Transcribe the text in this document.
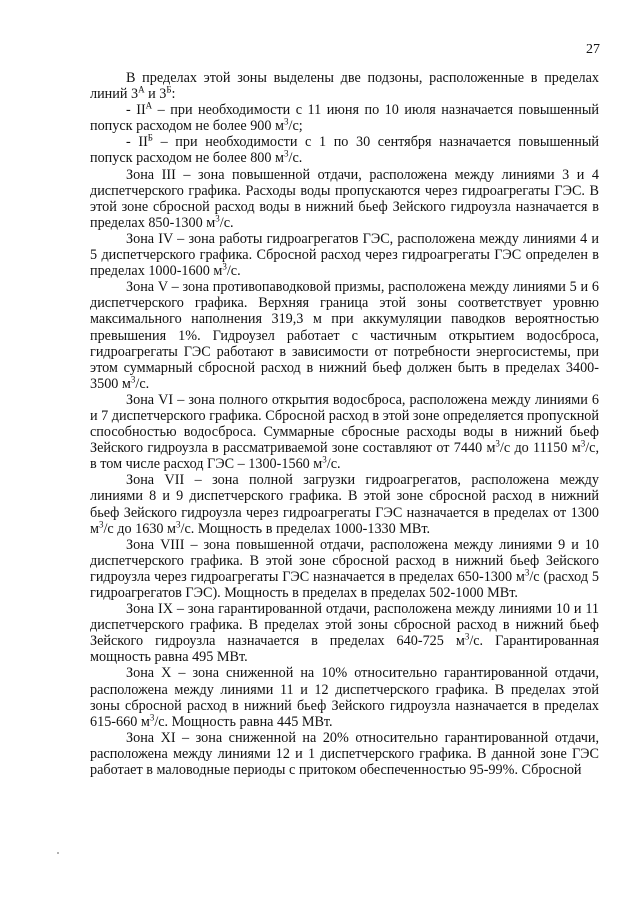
27

В пределах этой зоны выделены две подзоны, расположенные в пределах линий $3^А$ и $3^Б$:

- $II^А$ – при необходимости с 11 июня по 10 июля назначается повышенный попуск расходом не более 900 $м^3/с$;

- $II^Б$ – при необходимости с 1 по 30 сентября назначается повышенный попуск расходом не более 800 $м^3/с$.

Зона III – зона повышенной отдачи, расположена между линиями 3 и 4 диспетчерского графика. Расходы воды пропускаются через гидроагрегаты ГЭС. В этой зоне сбросной расход воды в нижний бьеф Зейского гидроузла назначается в пределах 850-1300 $м^3/с$.

Зона IV – зона работы гидроагрегатов ГЭС, расположена между линиями 4 и 5 диспетчерского графика. Сбросной расход через гидроагрегаты ГЭС определен в пределах 1000-1600 $м^3/с$.

Зона V – зона противопаводковой призмы, расположена между линиями 5 и 6 диспетчерского графика. Верхняя граница этой зоны соответствует уровню максимального наполнения 319,3 м при аккумуляции паводков вероятностью превышения 1%. Гидроузел работает с частичным открытием водосброса, гидроагрегаты ГЭС работают в зависимости от потребности энергосистемы, при этом суммарный сбросной расход в нижний бьеф должен быть в пределах 3400-3500 $м^3/с$.

Зона VI – зона полного открытия водосброса, расположена между линиями 6 и 7 диспетчерского графика. Сбросной расход в этой зоне определяется пропускной способностью водосброса. Суммарные сбросные расходы воды в нижний бьеф Зейского гидроузла в рассматриваемой зоне составляют от 7440 $м^3/с$ до 11150 $м^3/с$, в том числе расход ГЭС – 1300-1560 $м^3/с$.

Зона VII – зона полной загрузки гидроагрегатов, расположена между линиями 8 и 9 диспетчерского графика. В этой зоне сбросной расход в нижний бьеф Зейского гидроузла через гидроагрегаты ГЭС назначается в пределах от 1300 $м^3/с$ до 1630 $м^3/с$. Мощность в пределах 1000-1330 МВт.

Зона VIII – зона повышенной отдачи, расположена между линиями 9 и 10 диспетчерского графика. В этой зоне сбросной расход в нижний бьеф Зейского гидроузла через гидроагрегаты ГЭС назначается в пределах 650-1300 $м^3/с$ (расход 5 гидроагрегатов ГЭС). Мощность в пределах в пределах 502-1000 МВт.

Зона IX – зона гарантированной отдачи, расположена между линиями 10 и 11 диспетчерского графика. В пределах этой зоны сбросной расход в нижний бьеф Зейского гидроузла назначается в пределах 640-725 $м^3/с$. Гарантированная мощность равна 495 МВт.

Зона X – зона сниженной на 10% относительно гарантированной отдачи, расположена между линиями 11 и 12 диспетчерского графика. В пределах этой зоны сбросной расход в нижний бьеф Зейского гидроузла назначается в пределах 615-660 $м^3/с$. Мощность равна 445 МВт.

Зона XI – зона сниженной на 20% относительно гарантированной отдачи, расположена между линиями 12 и 1 диспетчерского графика. В данной зоне ГЭС работает в маловодные периоды с притоком обеспеченностью 95-99%. Сбросной
